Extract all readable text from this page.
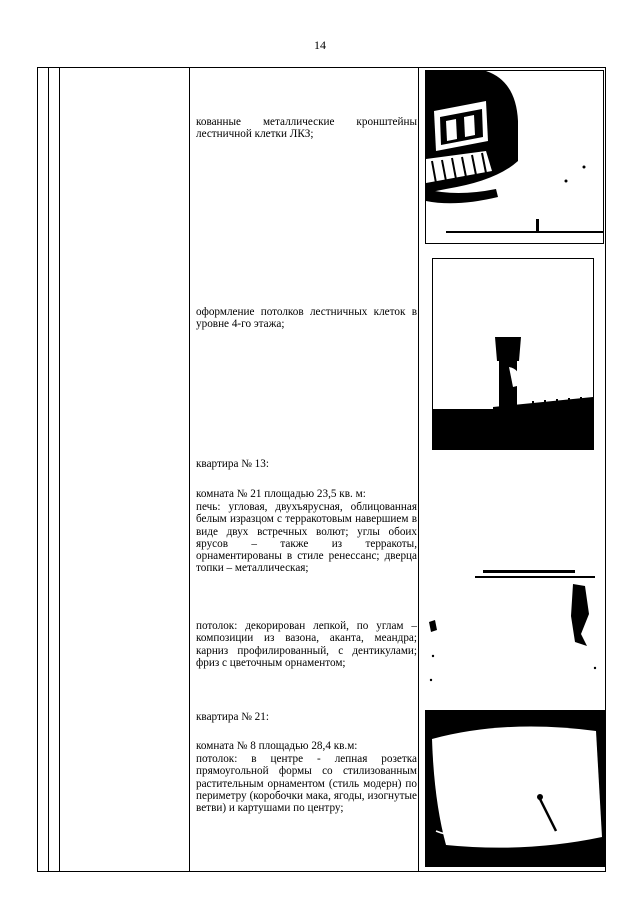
14

кованные металлические кронштейны лестничной клетки ЛКЗ;

оформление потолков лестничных клеток в уровне 4-го этажа;

квартира № 13:

комната № 21 площадью 23,5 кв. м:

печь: угловая, двухъярусная, облицованная белым изразцом с терракотовым навершием в виде двух встречных волют; углы обоих ярусов – также из терракоты, орнаментированы в стиле ренессанс; дверца топки – металлическая;

потолок: декорирован лепкой, по углам – композиции из вазона, аканта, меандра; карниз профилированный, с дентикулами; фриз с цветочным орнаментом;

квартира № 21:

комната № 8 площадью 28,4 кв.м:

потолок: в центре - лепная розетка прямоугольной формы со стилизованным растительным орнаментом (стиль модерн) по периметру (коробочки мака, ягоды, изогнутые ветви) и картушами по центру;
